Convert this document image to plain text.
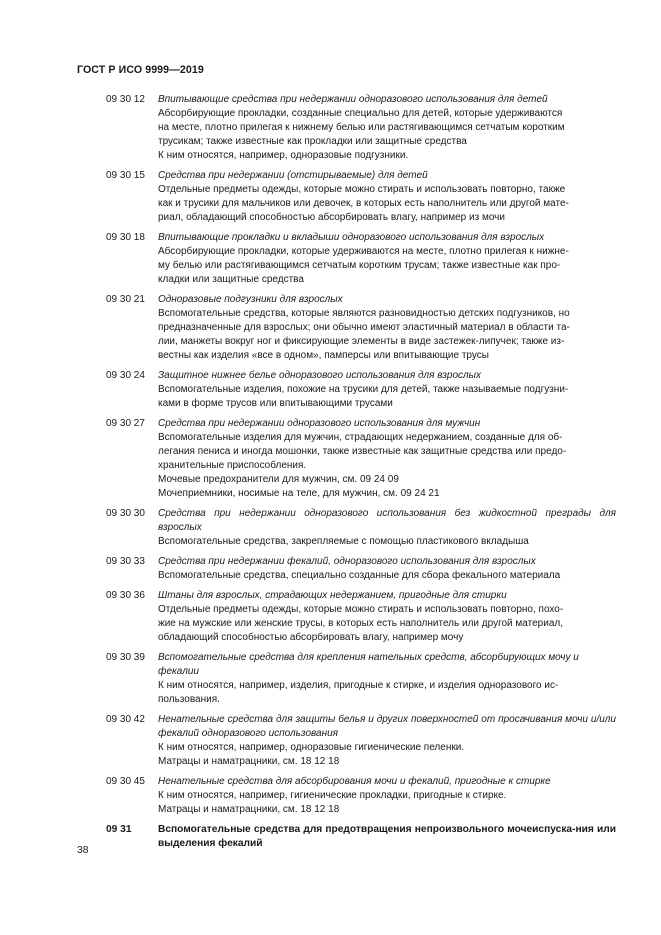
ГОСТ Р ИСО 9999—2019
09 30 12 Впитывающие средства при недержании одноразового использования для детей
Абсорбирующие прокладки, созданные специально для детей, которые удерживаются
на месте, плотно прилегая к нижнему белью или растягивающимся сетчатым коротким
трусикам; также известные как прокладки или защитные средства
К ним относятся, например, одноразовые подгузники.
09 30 15 Средства при недержании (отстирываемые) для детей
Отдельные предметы одежды, которые можно стирать и использовать повторно, также
как и трусики для мальчиков или девочек, в которых есть наполнитель или другой мате-
риал, обладающий способностью абсорбировать влагу, например из мочи
09 30 18 Впитывающие прокладки и вкладыши одноразового использования для взрослых
Абсорбирующие прокладки, которые удерживаются на месте, плотно прилегая к нижне-
му белью или растягивающимся сетчатым коротким трусам; также известные как про-
кладки или защитные средства
09 30 21 Одноразовые подгузники для взрослых
Вспомогательные средства, которые являются разновидностью детских подгузников, но
предназначенные для взрослых; они обычно имеют эластичный материал в области та-
лии, манжеты вокруг ног и фиксирующие элементы в виде застежек-липучек; также из-
вестны как изделия «все в одном», памперсы или впитывающие трусы
09 30 24 Защитное нижнее белье одноразового использования для взрослых
Вспомогательные изделия, похожие на трусики для детей, также называемые подгузни-
ками в форме трусов или впитывающими трусами
09 30 27 Средства при недержании одноразового использования для мужчин
Вспомогательные изделия для мужчин, страдающих недержанием, созданные для об-
легания пениса и иногда мошонки, также известные как защитные средства или предо-
хранительные приспособления.
Мочевые предохранители для мужчин, см. 09 24 09
Мочеприемники, носимые на теле, для мужчин, см. 09 24 21
09 30 30 Средства при недержании одноразового использования без жидкостной преграды для взрослых
Вспомогательные средства, закрепляемые с помощью пластикового вкладыша
09 30 33 Средства при недержании фекалий, одноразового использования для взрослых
Вспомогательные средства, специально созданные для сбора фекального материала
09 30 36 Штаны для взрослых, страдающих недержанием, пригодные для стирки
Отдельные предметы одежды, которые можно стирать и использовать повторно, похо-
жие на мужские или женские трусы, в которых есть наполнитель или другой материал,
обладающий способностью абсорбировать влагу, например мочу
09 30 39 Вспомогательные средства для крепления нательных средств, абсорбирующих мочу и фекалии
К ним относятся, например, изделия, пригодные к стирке, и изделия одноразового ис-
пользования.
09 30 42 Ненательные средства для защиты белья и других поверхностей от просачивания мочи и/или фекалий одноразового использования
К ним относятся, например, одноразовые гигиенические пеленки.
Матрацы и наматрацники, см. 18 12 18
09 30 45 Ненательные средства для абсорбирования мочи и фекалий, пригодные к стирке
К ним относятся, например, гигиенические прокладки, пригодные к стирке.
Матрацы и наматрацники, см. 18 12 18
09 31	Вспомогательные средства для предотвращения непроизвольного мочеиспуска-ния или выделения фекалий
38
